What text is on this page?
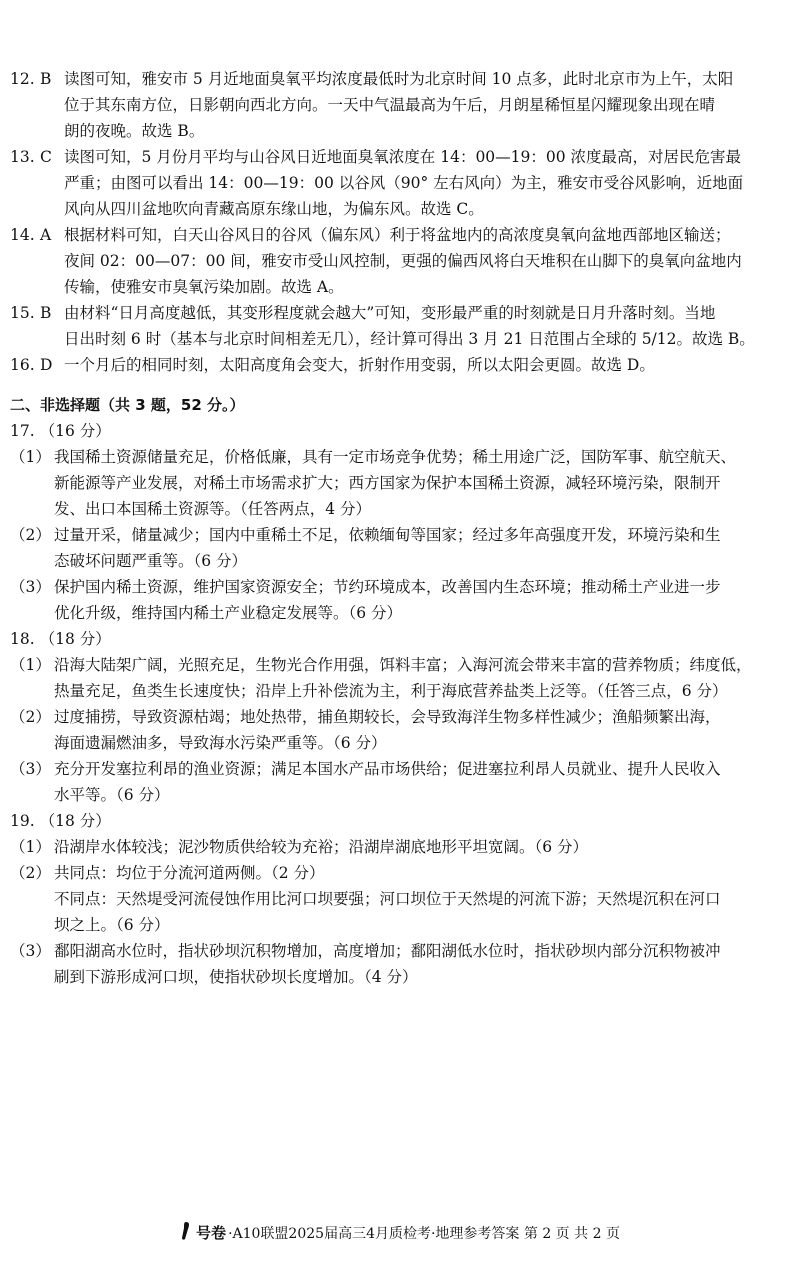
12. B 读图可知，雅安市 5 月近地面臭氧平均浓度最低时为北京时间 10 点多，此时北京市为上午，太阳
位于其东南方位，日影朝向西北方向。一天中气温最高为午后，月朗星稀恒星闪耀现象出现在晴
朗的夜晚。故选 B。
13. C 读图可知，5 月份月平均与山谷风日近地面臭氧浓度在 14：00—19：00 浓度最高，对居民危害最
严重；由图可以看出 14：00—19：00 以谷风（90° 左右风向）为主，雅安市受谷风影响，近地面
风向从四川盆地吹向青藏高原东缘山地，为偏东风。故选 C。
14. A 根据材料可知，白天山谷风日的谷风（偏东风）利于将盆地内的高浓度臭氧向盆地西部地区输送；
夜间 02：00—07：00 间，雅安市受山风控制，更强的偏西风将白天堆积在山脚下的臭氧向盆地内
传输，使雅安市臭氧污染加剧。故选 A。
15. B 由材料“日月高度越低，其变形程度就会越大”可知，变形最严重的时刻就是日月升落时刻。当地
日出时刻 6 时（基本与北京时间相差无几），经计算可得出 3 月 21 日范围占全球的 5/12。故选 B。
16. D 一个月后的相同时刻，太阳高度角会变大，折射作用变弱，所以太阳会更圆。故选 D。
二、非选择题（共 3 题，52 分。）
17. （16 分）
（1） 我国稀土资源储量充足，价格低廉，具有一定市场竞争优势；稀土用途广泛，国防军事、航空航天、
新能源等产业发展，对稀土市场需求扩大；西方国家为保护本国稀土资源，减轻环境污染，限制开
发、出口本国稀土资源等。（任答两点，4 分）
（2） 过量开采，储量减少；国内中重稀土不足，依赖缅甸等国家；经过多年高强度开发，环境污染和生
态破坏问题严重等。（6 分）
（3） 保护国内稀土资源，维护国家资源安全；节约环境成本，改善国内生态环境；推动稀土产业进一步
优化升级，维持国内稀土产业稳定发展等。（6 分）
18. （18 分）
（1） 沿海大陆架广阔，光照充足，生物光合作用强，饵料丰富；入海河流会带来丰富的营养物质；纬度低，
热量充足，鱼类生长速度快；沿岸上升补偿流为主，利于海底营养盐类上泛等。（任答三点，6 分）
（2） 过度捕捞，导致资源枯竭；地处热带，捕鱼期较长，会导致海洋生物多样性减少；渔船频繁出海，
海面遗漏燃油多，导致海水污染严重等。（6 分）
（3） 充分开发塞拉利昂的渔业资源；满足本国水产品市场供给；促进塞拉利昂人员就业、提升人民收入
水平等。（6 分）
19. （18 分）
（1） 沿湖岸水体较浅；泥沙物质供给较为充裕；沿湖岸湖底地形平坦宽阔。（6 分）
（2） 共同点：均位于分流河道两侧。（2 分）
不同点：天然堤受河流侵蚀作用比河口坝要强；河口坝位于天然堤的河流下游；天然堤沉积在河口
坝之上。（6 分）
（3） 鄱阳湖高水位时，指状砂坝沉积物增加，高度增加；鄱阳湖低水位时，指状砂坝内部分沉积物被冲
刷到下游形成河口坝，使指状砂坝长度增加。（4 分）
号卷 ·A10联盟2025届高三4月质检考·地理参考答案 第 2 页 共 2 页
